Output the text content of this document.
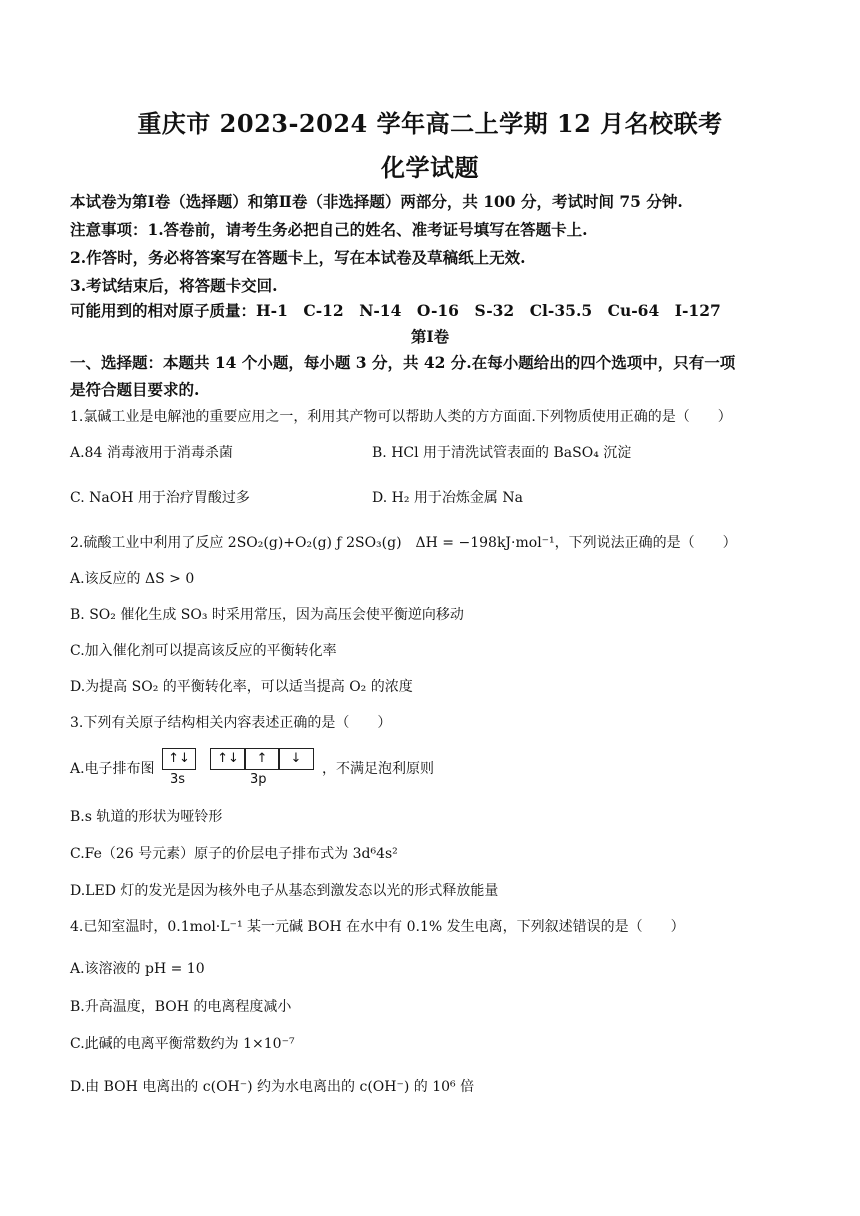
重庆市 2023-2024 学年高二上学期 12 月名校联考
化学试题
本试卷为第Ⅰ卷（选择题）和第Ⅱ卷（非选择题）两部分，共 100 分，考试时间 75 分钟.
注意事项：1.答卷前，请考生务必把自己的姓名、准考证号填写在答题卡上.
2.作答时，务必将答案写在答题卡上，写在本试卷及草稿纸上无效.
3.考试结束后，将答题卡交回.
可能用到的相对原子质量：H-1　C-12　N-14　O-16　S-32　Cl-35.5　Cu-64　I-127
第Ⅰ卷
一、选择题：本题共 14 个小题，每小题 3 分，共 42 分.在每小题给出的四个选项中，只有一项
是符合题目要求的.
1.氯碱工业是电解池的重要应用之一，利用其产物可以帮助人类的方方面面.下列物质使用正确的是（　　）
A.84 消毒液用于消毒杀菌	B. HCl 用于清洗试管表面的 BaSO₄ 沉淀
C. NaOH 用于治疗胃酸过多	D. H₂ 用于冶炼金属 Na
2.硫酸工业中利用了反应 2SO₂(g)+O₂(g) ƒ 2SO₃(g)　ΔH = −198kJ·mol⁻¹，下列说法正确的是（　　）
A.该反应的 ΔS > 0
B. SO₂ 催化生成 SO₃ 时采用常压，因为高压会使平衡逆向移动
C.加入催化剂可以提高该反应的平衡转化率
D.为提高 SO₂ 的平衡转化率，可以适当提高 O₂ 的浓度
3.下列有关原子结构相关内容表述正确的是（　　）
A.电子排布图
↑↓
3s
↑↓	↑	↓
3p
，不满足泡利原则
B.s 轨道的形状为哑铃形
C.Fe（26 号元素）原子的价层电子排布式为 3d⁶4s²
D.LED 灯的发光是因为核外电子从基态到激发态以光的形式释放能量
4.已知室温时，0.1mol·L⁻¹ 某一元碱 BOH 在水中有 0.1% 发生电离，下列叙述错误的是（　　）
A.该溶液的 pH = 10
B.升高温度，BOH 的电离程度减小
C.此碱的电离平衡常数约为 1×10⁻⁷
D.由 BOH 电离出的 c(OH⁻) 约为水电离出的 c(OH⁻) 的 10⁶ 倍
